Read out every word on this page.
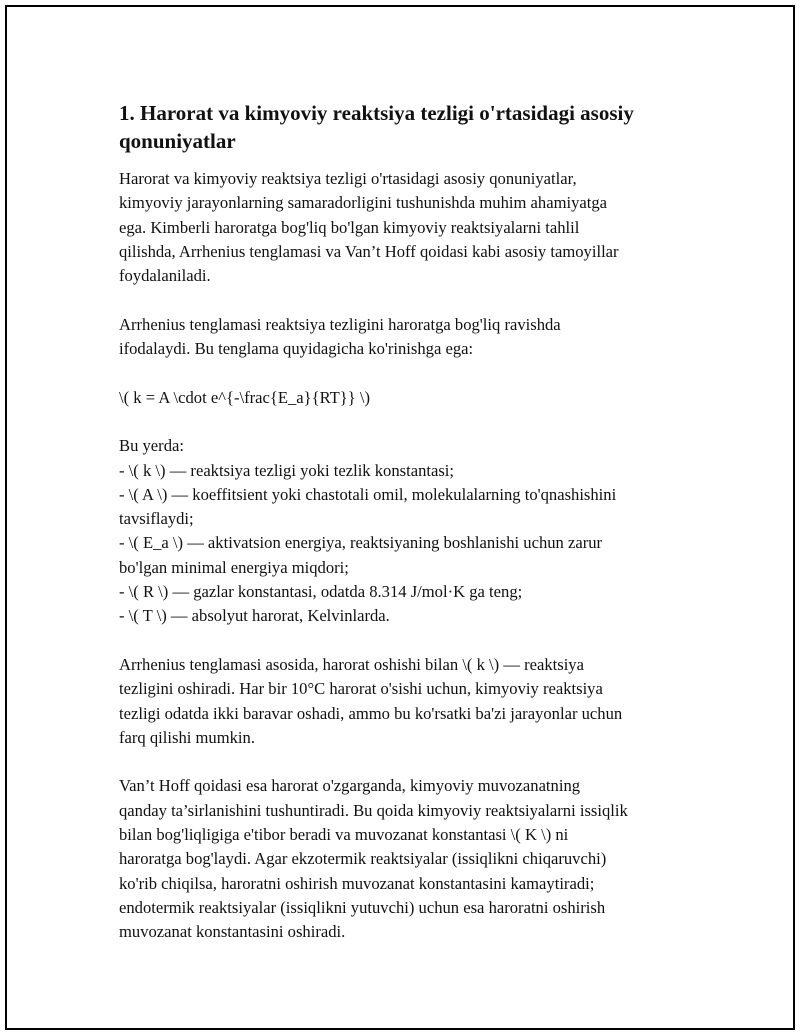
1. Harorat va kimyoviy reaktsiya tezligi o'rtasidagi asosiy qonuniyatlar

Harorat va kimyoviy reaktsiya tezligi o'rtasidagi asosiy qonuniyatlar,
kimyoviy jarayonlarning samaradorligini tushunishda muhim ahamiyatga
ega. Kimberli haroratga bog'liq bo'lgan kimyoviy reaktsiyalarni tahlil
qilishda, Arrhenius tenglamasi va Van’t Hoff qoidasi kabi asosiy tamoyillar
foydalaniladi.

Arrhenius tenglamasi reaktsiya tezligini haroratga bog'liq ravishda
ifodalaydi. Bu tenglama quyidagicha ko'rinishga ega:

\( k = A \cdot e^{-\frac{E_a}{RT}} \)

Bu yerda:
- \( k \) — reaktsiya tezligi yoki tezlik konstantasi;
- \( A \) — koeffitsient yoki chastotali omil, molekulalarning to'qnashishini
tavsiflaydi;
- \( E_a \) — aktivatsion energiya, reaktsiyaning boshlanishi uchun zarur
bo'lgan minimal energiya miqdori;
- \( R \) — gazlar konstantasi, odatda 8.314 J/mol·K ga teng;
- \( T \) — absolyut harorat, Kelvinlarda.

Arrhenius tenglamasi asosida, harorat oshishi bilan \( k \) — reaktsiya
tezligini oshiradi. Har bir 10°C harorat o'sishi uchun, kimyoviy reaktsiya
tezligi odatda ikki baravar oshadi, ammo bu ko'rsatki ba'zi jarayonlar uchun
farq qilishi mumkin.

Van’t Hoff qoidasi esa harorat o'zgarganda, kimyoviy muvozanatning
qanday ta’sirlanishini tushuntiradi. Bu qoida kimyoviy reaktsiyalarni issiqlik
bilan bog'liqligiga e'tibor beradi va muvozanat konstantasi \( K \) ni
haroratga bog'laydi. Agar ekzotermik reaktsiyalar (issiqlikni chiqaruvchi)
ko'rib chiqilsa, haroratni oshirish muvozanat konstantasini kamaytiradi;
endotermik reaktsiyalar (issiqlikni yutuvchi) uchun esa haroratni oshirish
muvozanat konstantasini oshiradi.
